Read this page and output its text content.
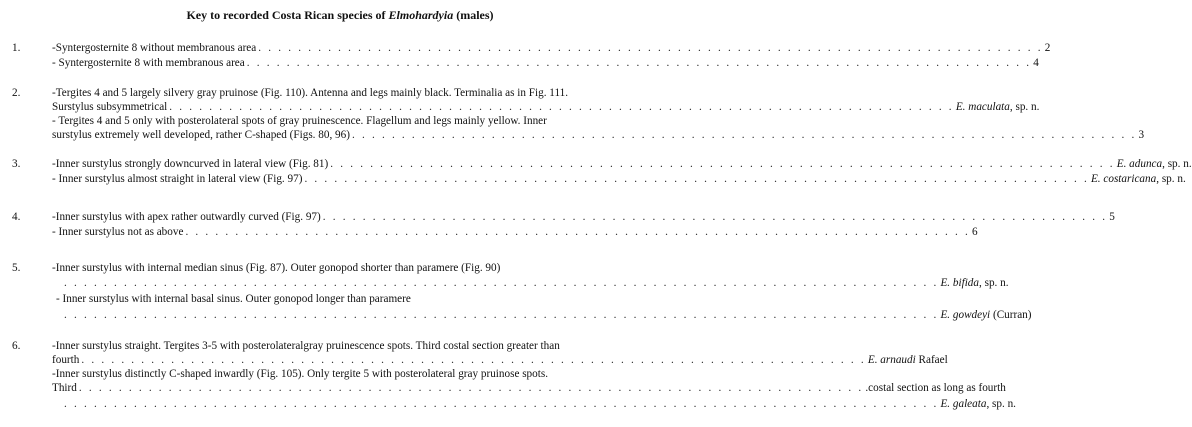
Key to recorded Costa Rican species of Elmohardyia (males)
1.	-Syntergosternite 8 without membranous area . . . . . . . . . . . . . . . . . . . . . . . . . . . . . . . . . . . . . . . . . . . . . . . . . . . . . . . . . . . . . . . . . . . . . . . . . . . . . . . 2
- Syntergosternite 8 with membranous area . . . . . . . . . . . . . . . . . . . . . . . . . . . . . . . . . . . . . . . . . . . . . . . . . . . . . . . . . . . . . . . . . . . . . . . . . . . . . . . 4
2.	-Tergites 4 and 5 largely silvery gray pruinose (Fig. 110). Antenna and legs mainly black. Terminalia as in Fig. 111.
Surstylus subsymmetrical . . . . . . . . . . . . . . . . . . . . . . . . . . . . . . . . . . . . . . . . . . . . . . . . . . . . . . . . . . . . . . . . . . . . . . . . . . . . . . . E. maculata, sp. n.
- Tergites 4 and 5 only with posterolateral spots of gray pruinescence. Flagellum and legs mainly yellow. Inner
surstylus extremely well developed, rather C-shaped (Figs. 80, 96) . . . . . . . . . . . . . . . . . . . . . . . . . . . . . . . . . . . . . . . . . . . . . . . . . . . . . . . . . . . . . . . . . . . . . . . . . . . . . . . 3
3.	-Inner surstylus strongly downcurved in lateral view (Fig. 81) . . . . . . . . . . . . . . . . . . . . . . . . . . . . . . . . . . . . . . . . . . . . . . . . . . . . . . . . . . . . . . . . . . . . . . . . . . . . . . . E. adunca, sp. n.
- Inner surstylus almost straight in lateral view (Fig. 97) . . . . . . . . . . . . . . . . . . . . . . . . . . . . . . . . . . . . . . . . . . . . . . . . . . . . . . . . . . . . . . . . . . . . . . . . . . . . . . . E. costaricana, sp. n.
4.	-Inner surstylus with apex rather outwardly curved (Fig. 97) . . . . . . . . . . . . . . . . . . . . . . . . . . . . . . . . . . . . . . . . . . . . . . . . . . . . . . . . . . . . . . . . . . . . . . . . . . . . . . . 5
- Inner surstylus not as above . . . . . . . . . . . . . . . . . . . . . . . . . . . . . . . . . . . . . . . . . . . . . . . . . . . . . . . . . . . . . . . . . . . . . . . . . . . . . . . 6
5.	-Inner surstylus with internal median sinus (Fig. 87). Outer gonopod shorter than paramere (Fig. 90)
. . . . . . . . . . . . . . . . . . . . . . . . . . . . . . . . . . . . . . . . . . . . . . . . . . . . . . . . . . . . . . . . . . . . . . . . . . . . . . . . . . . . . . . . E. bifida, sp. n.
- Inner surstylus with internal basal sinus. Outer gonopod longer than paramere
. . . . . . . . . . . . . . . . . . . . . . . . . . . . . . . . . . . . . . . . . . . . . . . . . . . . . . . . . . . . . . . . . . . . . . . . . . . . . . . . . . . . . . . . E. gowdeyi (Curran)
6.	-Inner surstylus straight. Tergites 3-5 with posterolateralgray pruinescence spots. Third costal section greater than
fourth . . . . . . . . . . . . . . . . . . . . . . . . . . . . . . . . . . . . . . . . . . . . . . . . . . . . . . . . . . . . . . . . . . . . . . . . . . . . . . . E. arnaudi Rafael
-Inner surstylus distinctly C-shaped inwardly (Fig. 105). Only tergite 5 with posterolateral gray pruinose spots.
Third . . . . . . . . . . . . . . . . . . . . . . . . . . . . . . . . . . . . . . . . . . . . . . . . . . . . . . . . . . . . . . . . . . . . . . . . . . . . . . . .costal section as long as fourth
. . . . . . . . . . . . . . . . . . . . . . . . . . . . . . . . . . . . . . . . . . . . . . . . . . . . . . . . . . . . . . . . . . . . . . . . . . . . . . . . . . . . . . . . E. galeata, sp. n.
